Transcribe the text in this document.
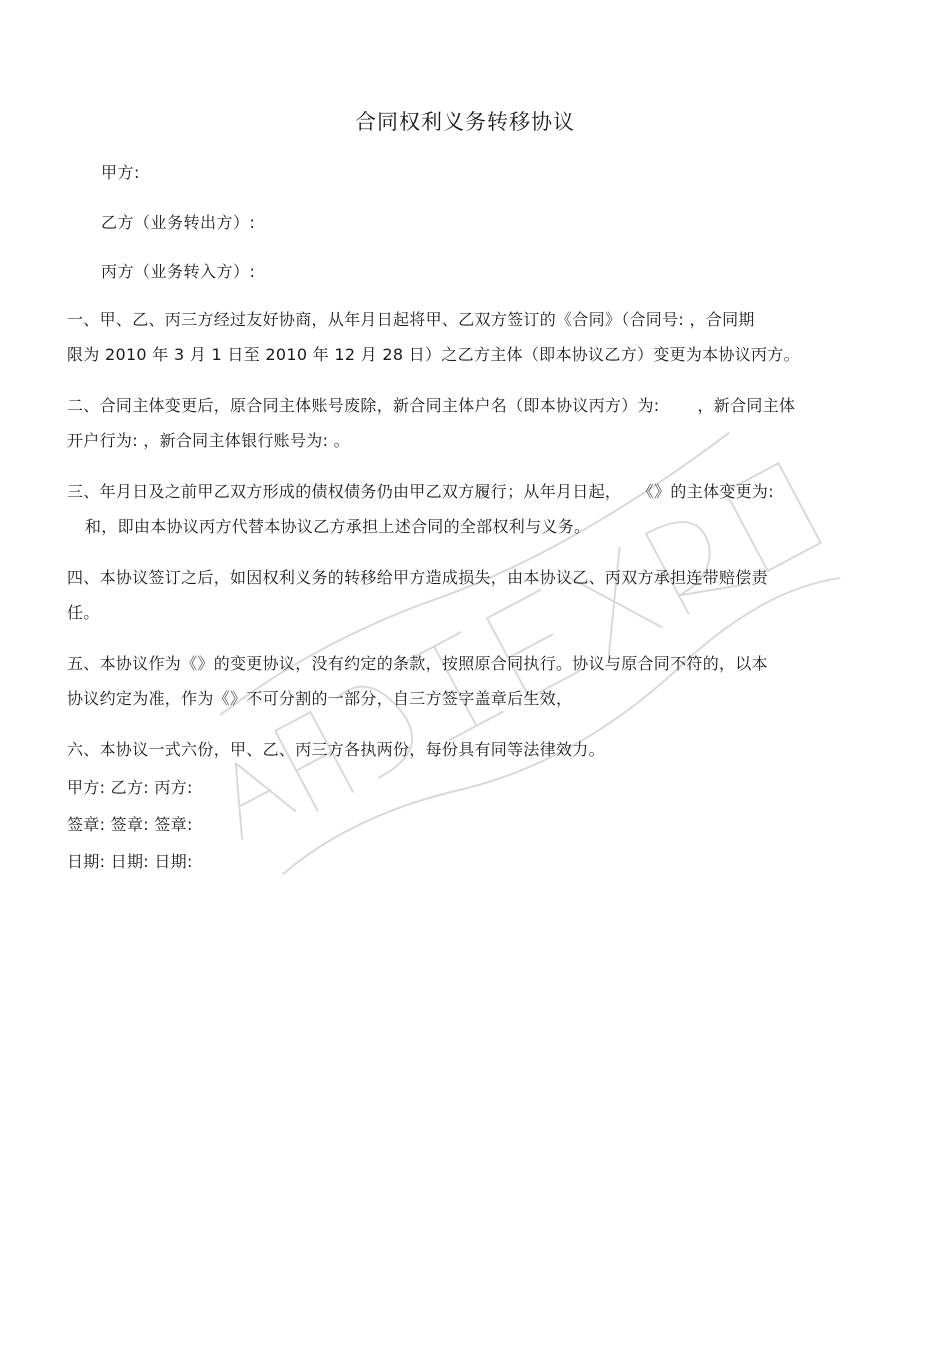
合同权利义务转移协议
甲方:
乙方（业务转出方）:
丙方（业务转入方）:

一、甲、乙、丙三方经过友好协商，从年月日起将甲、乙双方签订的《合同》（合同号: ，合同期
限为 2010 年 3 月 1 日至 2010 年 12 月 28 日）之乙方主体（即本协议乙方）变更为本协议丙方。

二、合同主体变更后，原合同主体账号废除，新合同主体户名（即本协议丙方）为: 　　，新合同主体
开户行为: ，新合同主体银行账号为: 。

三、年月日及之前甲乙双方形成的债权债务仍由甲乙双方履行；从年月日起，　　《》的主体变更为:
和，即由本协议丙方代替本协议乙方承担上述合同的全部权利与义务。

四、本协议签订之后，如因权利义务的转移给甲方造成损失，由本协议乙、丙双方承担连带赔偿责
任。

五、本协议作为《》的变更协议，没有约定的条款，按照原合同执行。协议与原合同不符的，以本
协议约定为准，作为《》不可分割的一部分，自三方签字盖章后生效，

六、本协议一式六份，甲、乙、丙三方各执两份，每份具有同等法律效力。

甲方: 乙方: 丙方:
签章: 签章: 签章:
日期: 日期: 日期:
